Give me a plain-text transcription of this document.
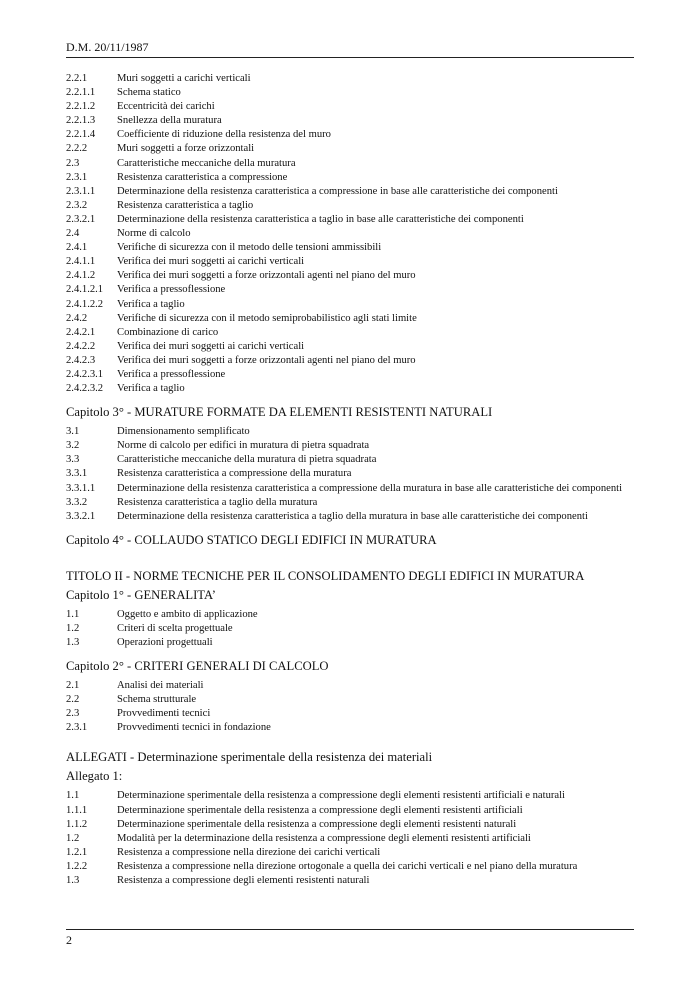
D.M. 20/11/1987
2.2.1	Muri soggetti a carichi verticali
2.2.1.1	Schema statico
2.2.1.2	Eccentricità dei carichi
2.2.1.3	Snellezza della muratura
2.2.1.4	Coefficiente di riduzione della resistenza del muro
2.2.2	Muri soggetti a forze orizzontali
2.3	Caratteristiche meccaniche della muratura
2.3.1	Resistenza caratteristica a compressione
2.3.1.1	Determinazione della resistenza caratteristica a compressione in base alle caratteristiche dei componenti
2.3.2	Resistenza caratteristica a taglio
2.3.2.1	Determinazione della resistenza caratteristica a taglio in base alle caratteristiche dei componenti
2.4	Norme di calcolo
2.4.1	Verifiche di sicurezza con il metodo delle tensioni ammissibili
2.4.1.1	Verifica dei muri soggetti ai carichi verticali
2.4.1.2	Verifica dei muri soggetti a forze orizzontali agenti nel piano del muro
2.4.1.2.1	Verifica a pressoflessione
2.4.1.2.2	Verifica a taglio
2.4.2	Verifiche di sicurezza con il metodo semiprobabilistico agli stati limite
2.4.2.1	Combinazione di carico
2.4.2.2	Verifica dei muri soggetti ai carichi verticali
2.4.2.3	Verifica dei muri soggetti a forze orizzontali agenti nel piano del muro
2.4.2.3.1	Verifica a pressoflessione
2.4.2.3.2	Verifica a taglio
Capitolo 3° - MURATURE FORMATE DA ELEMENTI RESISTENTI NATURALI
3.1	Dimensionamento semplificato
3.2	Norme di calcolo per edifici in muratura di pietra squadrata
3.3	Caratteristiche meccaniche della muratura di pietra squadrata
3.3.1	Resistenza caratteristica a compressione della muratura
3.3.1.1	Determinazione della resistenza caratteristica a compressione della muratura in base alle caratteristiche dei componenti
3.3.2	Resistenza caratteristica a taglio della muratura
3.3.2.1	Determinazione della resistenza caratteristica a taglio della muratura in base alle caratteristiche dei componenti
Capitolo 4° - COLLAUDO STATICO DEGLI EDIFICI IN MURATURA
TITOLO II - NORME TECNICHE PER IL CONSOLIDAMENTO DEGLI EDIFICI IN MURATURA
Capitolo 1° - GENERALITA’
1.1	Oggetto e ambito di applicazione
1.2	Criteri di scelta progettuale
1.3	Operazioni progettuali
Capitolo 2° - CRITERI GENERALI DI CALCOLO
2.1	Analisi dei materiali
2.2	Schema strutturale
2.3	Provvedimenti tecnici
2.3.1	Provvedimenti tecnici in fondazione
ALLEGATI - Determinazione sperimentale della resistenza dei materiali
Allegato 1:
1.1	Determinazione sperimentale della resistenza a compressione degli elementi resistenti artificiali e naturali
1.1.1	Determinazione sperimentale della resistenza a compressione degli elementi resistenti artificiali
1.1.2	Determinazione sperimentale della resistenza a compressione degli elementi resistenti naturali
1.2	Modalità per la determinazione della resistenza a compressione degli elementi resistenti artificiali
1.2.1	Resistenza a compressione nella direzione dei carichi verticali
1.2.2	Resistenza a compressione nella direzione ortogonale a quella dei carichi verticali e nel piano della muratura
1.3	Resistenza a compressione degli elementi resistenti naturali
2
